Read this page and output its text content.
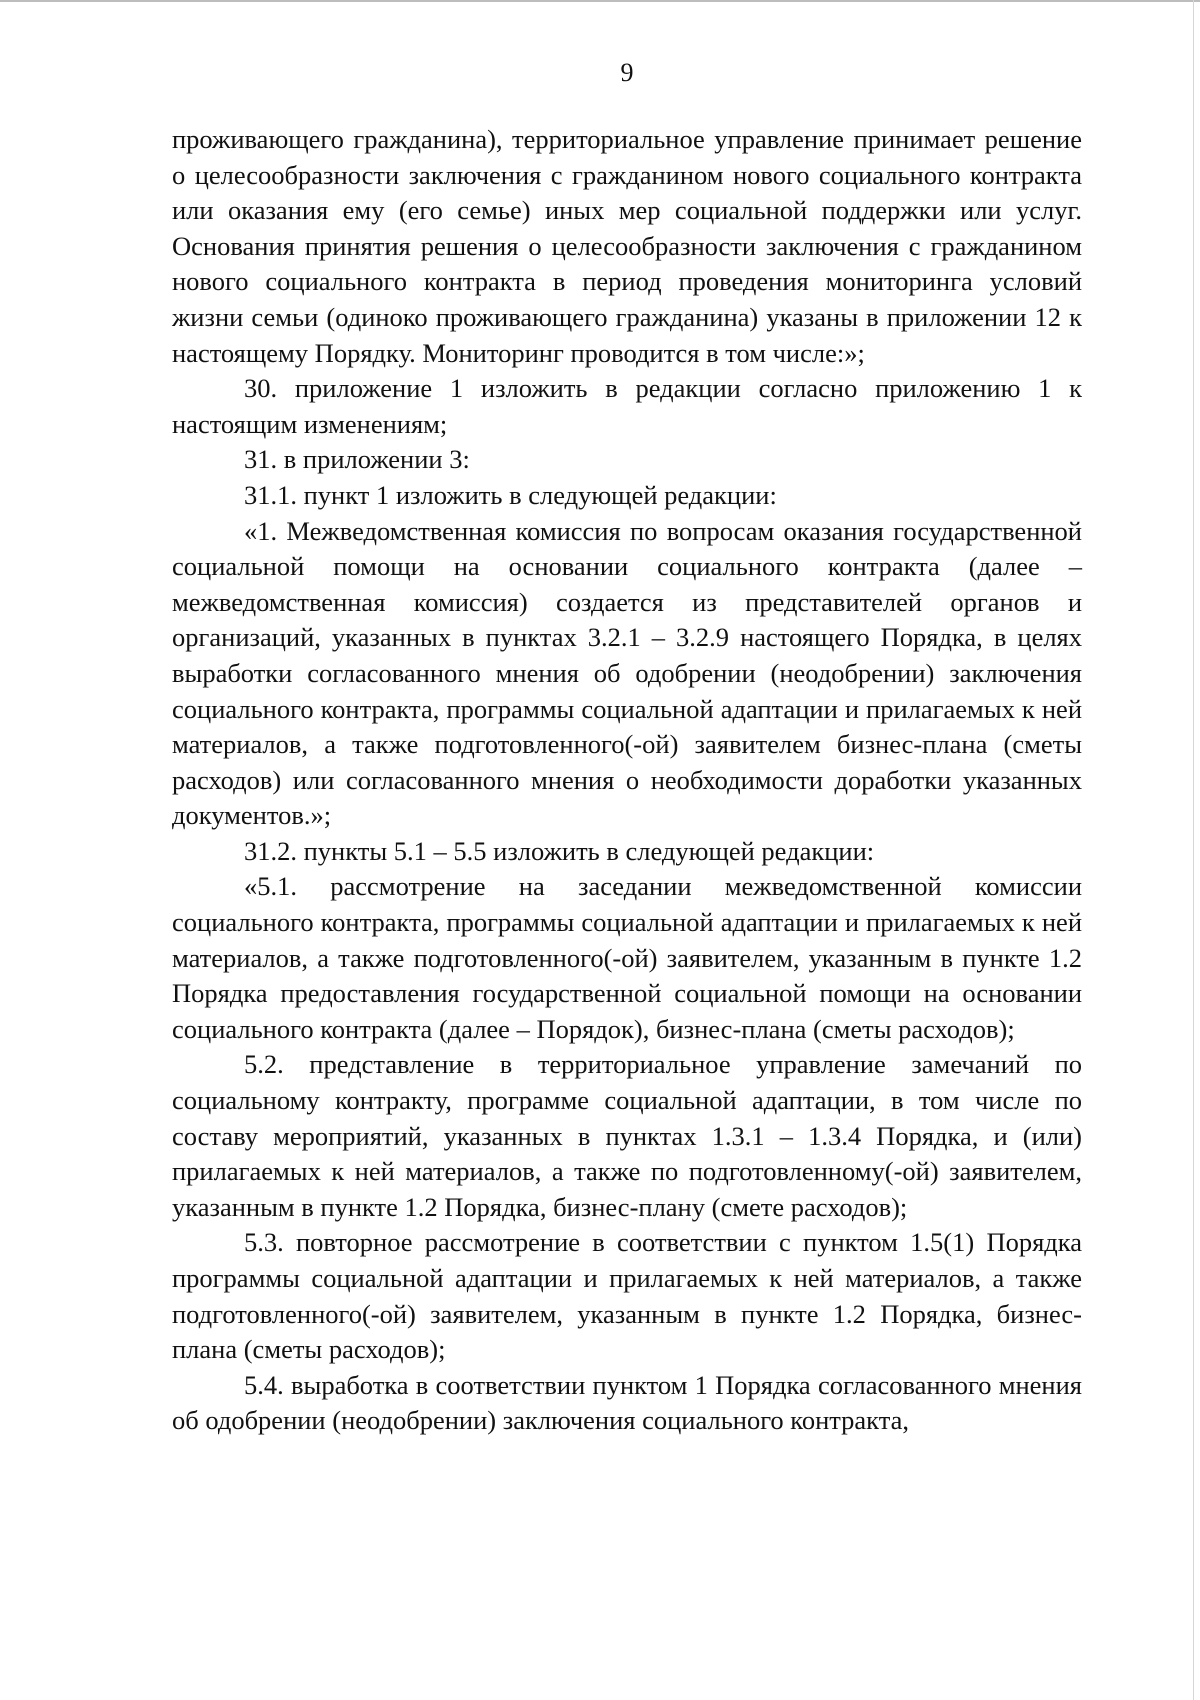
9

проживающего гражданина), территориальное управление принимает решение о целесообразности заключения с гражданином нового социального контракта или оказания ему (его семье) иных мер социальной поддержки или услуг. Основания принятия решения о целесообразности заключения с гражданином нового социального контракта в период проведения мониторинга условий жизни семьи (одиноко проживающего гражданина) указаны в приложении 12 к настоящему Порядку. Мониторинг проводится в том числе:»;

30. приложение 1 изложить в редакции согласно приложению 1 к настоящим изменениям;

31. в приложении 3:

31.1. пункт 1 изложить в следующей редакции:

«1. Межведомственная комиссия по вопросам оказания государственной социальной помощи на основании социального контракта (далее – межведомственная комиссия) создается из представителей органов и организаций, указанных в пунктах 3.2.1 – 3.2.9 настоящего Порядка, в целях выработки согласованного мнения об одобрении (неодобрении) заключения социального контракта, программы социальной адаптации и прилагаемых к ней материалов, а также подготовленного(-ой) заявителем бизнес-плана (сметы расходов) или согласованного мнения о необходимости доработки указанных документов.»;

31.2. пункты 5.1 – 5.5 изложить в следующей редакции:

«5.1. рассмотрение на заседании межведомственной комиссии социального контракта, программы социальной адаптации и прилагаемых к ней материалов, а также подготовленного(-ой) заявителем, указанным в пункте 1.2 Порядка предоставления государственной социальной помощи на основании социального контракта (далее – Порядок), бизнес-плана (сметы расходов);

5.2. представление в территориальное управление замечаний по социальному контракту, программе социальной адаптации, в том числе по составу мероприятий, указанных в пунктах 1.3.1 – 1.3.4 Порядка, и (или) прилагаемых к ней материалов, а также по подготовленному(-ой) заявителем, указанным в пункте 1.2 Порядка, бизнес-плану (смете расходов);

5.3. повторное рассмотрение в соответствии с пунктом 1.5(1) Порядка программы социальной адаптации и прилагаемых к ней материалов, а также подготовленного(-ой) заявителем, указанным в пункте 1.2 Порядка, бизнес-плана (сметы расходов);

5.4. выработка в соответствии пунктом 1 Порядка согласованного мнения об одобрении (неодобрении) заключения социального контракта,
